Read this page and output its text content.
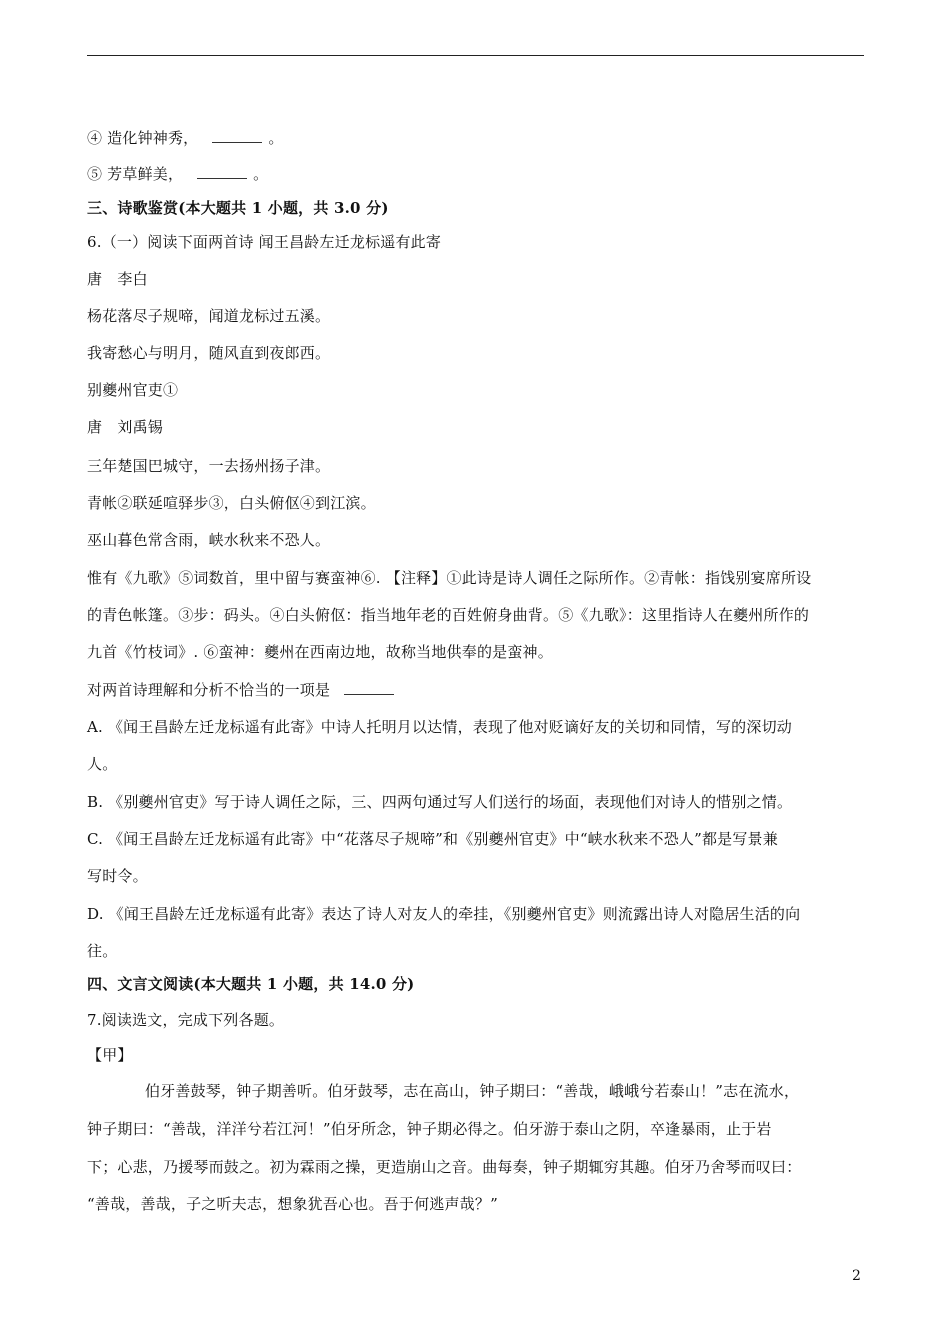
④ 造化钟神秀，	。
⑤ 芳草鲜美，	。
三、诗歌鉴赏(本大题共 1 小题，共 3.0 分)
6.（一）阅读下面两首诗 闻王昌龄左迁龙标遥有此寄
唐　李白
杨花落尽子规啼，闻道龙标过五溪。
我寄愁心与明月，随风直到夜郎西。
别夔州官吏①
唐　刘禹锡
三年楚国巴城守，一去扬州扬子津。
青帐②联延喧驿步③，白头俯伛④到江滨。
巫山暮色常含雨，峡水秋来不恐人。
惟有《九歌》⑤词数首，里中留与赛蛮神⑥. 【注释】①此诗是诗人调任之际所作。②青帐：指饯别宴席所设
的青色帐篷。③步：码头。④白头俯伛：指当地年老的百姓俯身曲背。⑤《九歌》：这里指诗人在夔州所作的
九首《竹枝词》. ⑥蛮神：夔州在西南边地，故称当地供奉的是蛮神。
对两首诗理解和分析不恰当的一项是
A. 《闻王昌龄左迁龙标遥有此寄》中诗人托明月以达情，表现了他对贬谪好友的关切和同情，写的深切动
人。
B. 《别夔州官吏》写于诗人调任之际，三、四两句通过写人们送行的场面，表现他们对诗人的惜别之情。
C. 《闻王昌龄左迁龙标遥有此寄》中“花落尽子规啼”和《别夔州官吏》中“峡水秋来不恐人”都是写景兼
写时令。
D. 《闻王昌龄左迁龙标遥有此寄》表达了诗人对友人的牵挂，《别夔州官吏》则流露出诗人对隐居生活的向
往。
四、文言文阅读(本大题共 1 小题，共 14.0 分)
7.阅读选文，完成下列各题。
【甲】
伯牙善鼓琴，钟子期善听。伯牙鼓琴，志在高山，钟子期曰：“善哉，峨峨兮若泰山！”志在流水，
钟子期曰：“善哉，洋洋兮若江河！”伯牙所念，钟子期必得之。伯牙游于泰山之阴，卒逢暴雨，止于岩
下；心悲，乃援琴而鼓之。初为霖雨之操，更造崩山之音。曲每奏，钟子期辄穷其趣。伯牙乃舍琴而叹曰：
“善哉，善哉，子之听夫志，想象犹吾心也。吾于何逃声哉？”
2
